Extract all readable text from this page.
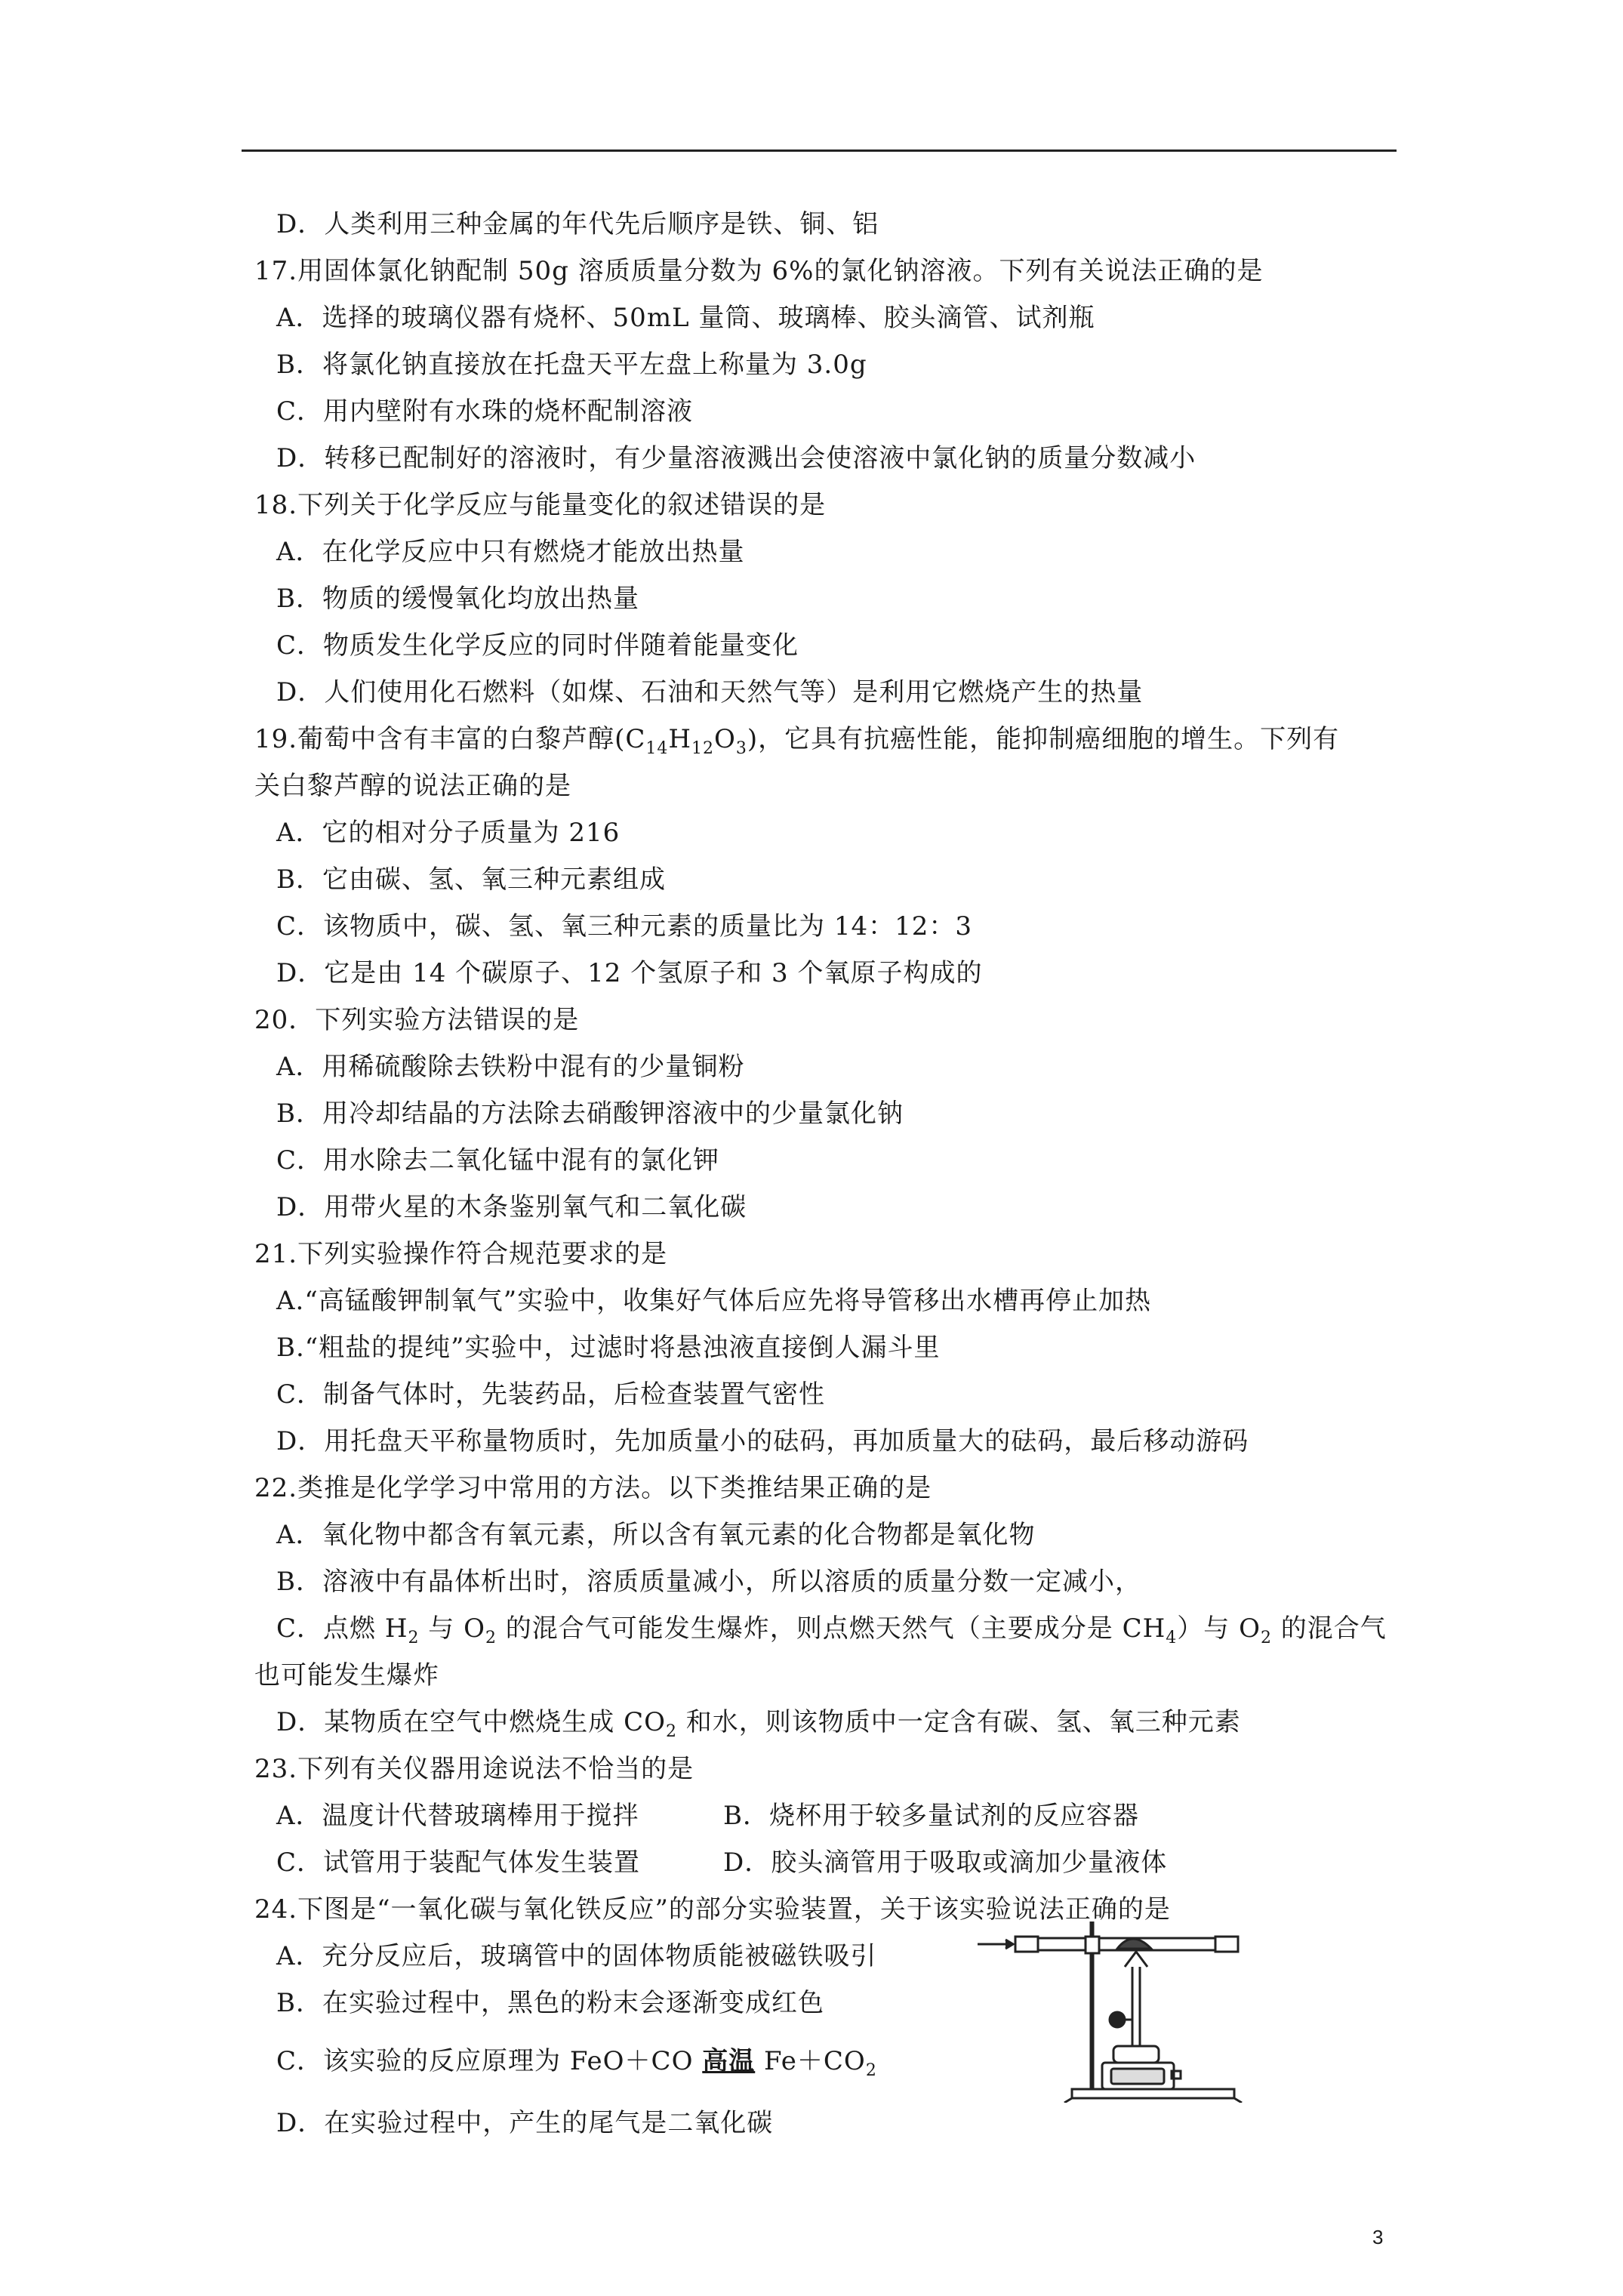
D．人类利用三种金属的年代先后顺序是铁、铜、铝
17.用固体氯化钠配制 50g 溶质质量分数为 6%的氯化钠溶液。下列有关说法正确的是
A．选择的玻璃仪器有烧杯、50mL 量筒、玻璃棒、胶头滴管、试剂瓶
B．将氯化钠直接放在托盘天平左盘上称量为 3.0g
C．用内壁附有水珠的烧杯配制溶液
D．转移已配制好的溶液时，有少量溶液溅出会使溶液中氯化钠的质量分数减小
18.下列关于化学反应与能量变化的叙述错误的是
A．在化学反应中只有燃烧才能放出热量
B．物质的缓慢氧化均放出热量
C．物质发生化学反应的同时伴随着能量变化
D．人们使用化石燃料（如煤、石油和天然气等）是利用它燃烧产生的热量
19.葡萄中含有丰富的白黎芦醇$(C_{14}H_{12}O_3)$，它具有抗癌性能，能抑制癌细胞的增生。下列有
关白黎芦醇的说法正确的是
A．它的相对分子质量为 216
B．它由碳、氢、氧三种元素组成
C．该物质中，碳、氢、氧三种元素的质量比为 14：12：3
D．它是由 14 个碳原子、12 个氢原子和 3 个氧原子构成的
20．下列实验方法错误的是
A．用稀硫酸除去铁粉中混有的少量铜粉
B．用冷却结晶的方法除去硝酸钾溶液中的少量氯化钠
C．用水除去二氧化锰中混有的氯化钾
D．用带火星的木条鉴别氧气和二氧化碳
21.下列实验操作符合规范要求的是
A.“高锰酸钾制氧气”实验中，收集好气体后应先将导管移出水槽再停止加热
B.“粗盐的提纯”实验中，过滤时将悬浊液直接倒人漏斗里
C．制备气体时，先装药品，后检查装置气密性
D．用托盘天平称量物质时，先加质量小的砝码，再加质量大的砝码，最后移动游码
22.类推是化学学习中常用的方法。以下类推结果正确的是
A．氧化物中都含有氧元素，所以含有氧元素的化合物都是氧化物
B．溶液中有晶体析出时，溶质质量减小，所以溶质的质量分数一定减小，
C．点燃 $H_2$ 与 $O_2$ 的混合气可能发生爆炸，则点燃天然气（主要成分是 $CH_4$）与 $O_2$ 的混合气
也可能发生爆炸
D．某物质在空气中燃烧生成 $CO_2$ 和水，则该物质中一定含有碳、氢、氧三种元素
23.下列有关仪器用途说法不恰当的是
A．温度计代替玻璃棒用于搅拌	B．烧杯用于较多量试剂的反应容器
C．试管用于装配气体发生装置	D．胶头滴管用于吸取或滴加少量液体
24.下图是“一氧化碳与氧化铁反应”的部分实验装置，关于该实验说法正确的是
A．充分反应后，玻璃管中的固体物质能被磁铁吸引
B．在实验过程中，黑色的粉末会逐渐变成红色
C．该实验的反应原理为 FeO＋CO 高温 $Fe+CO_2$
D．在实验过程中，产生的尾气是二氧化碳
3
